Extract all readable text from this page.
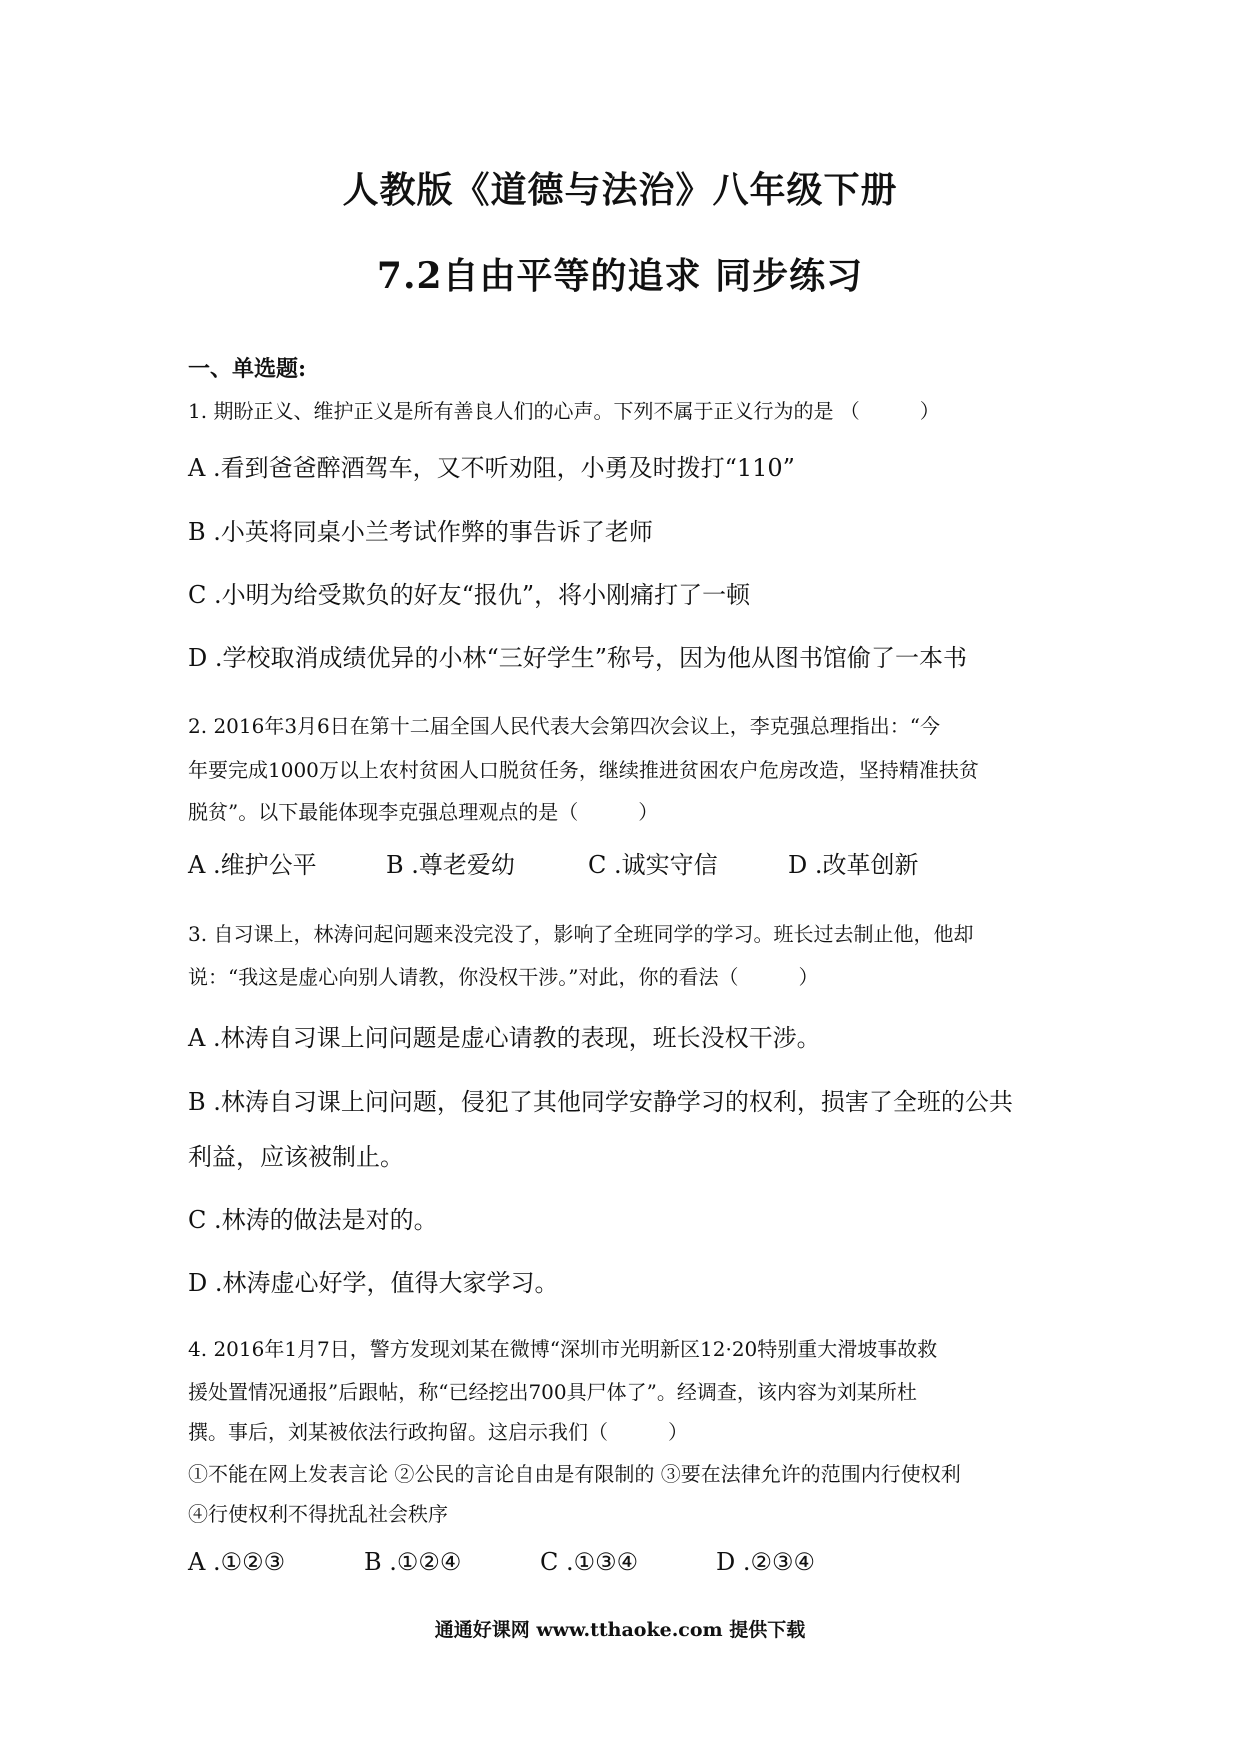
人教版《道德与法治》八年级下册
7.2自由平等的追求 同步练习
一、单选题:
1. 期盼正义、维护正义是所有善良人们的心声。下列不属于正义行为的是 （　　　）
A .看到爸爸醉酒驾车，又不听劝阻，小勇及时拨打“110”
B .小英将同桌小兰考试作弊的事告诉了老师
C .小明为给受欺负的好友“报仇”，将小刚痛打了一顿
D .学校取消成绩优异的小林“三好学生”称号，因为他从图书馆偷了一本书
2. 2016年3月6日在第十二届全国人民代表大会第四次会议上，李克强总理指出：“今
年要完成1000万以上农村贫困人口脱贫任务，继续推进贫困农户危房改造，坚持精准扶贫
脱贫”。以下最能体现李克强总理观点的是（　　　）
A .维护公平	B .尊老爱幼	C .诚实守信	D .改革创新
3. 自习课上，林涛问起问题来没完没了，影响了全班同学的学习。班长过去制止他，他却
说：“我这是虚心向别人请教，你没权干涉。”对此，你的看法（　　　）
A .林涛自习课上问问题是虚心请教的表现，班长没权干涉。
B .林涛自习课上问问题，侵犯了其他同学安静学习的权利，损害了全班的公共
利益，应该被制止。
C .林涛的做法是对的。
D .林涛虚心好学，值得大家学习。
4. 2016年1月7日，警方发现刘某在微博“深圳市光明新区12·20特别重大滑坡事故救
援处置情况通报”后跟帖，称“已经挖出700具尸体了”。经调查，该内容为刘某所杜
撰。事后，刘某被依法行政拘留。这启示我们（　　　）
①不能在网上发表言论 ②公民的言论自由是有限制的 ③要在法律允许的范围内行使权利
④行使权利不得扰乱社会秩序
A .①②③	B .①②④	C .①③④	D .②③④
通通好课网 www.tthaoke.com 提供下载
